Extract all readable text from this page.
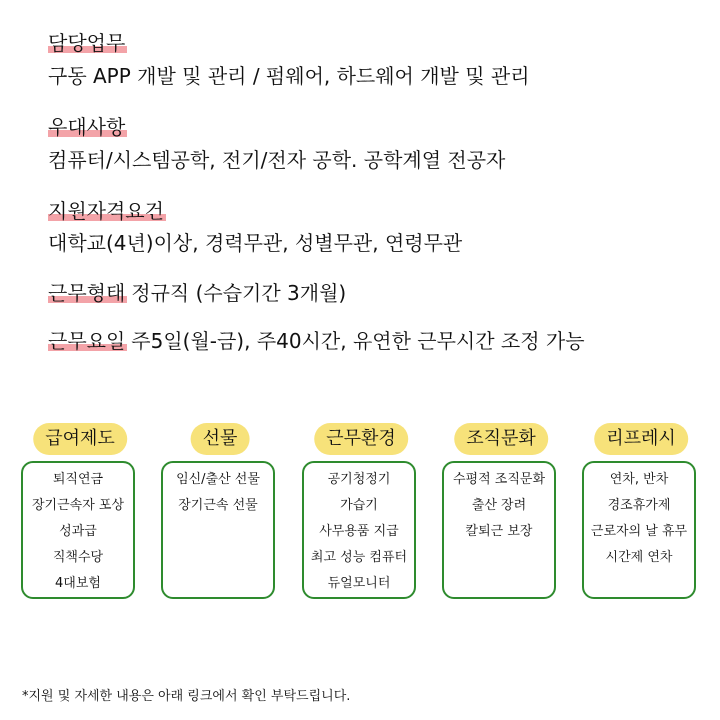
담당업무
구동 APP 개발 및 관리 / 펌웨어, 하드웨어 개발 및 관리
우대사항
컴퓨터/시스템공학, 전기/전자 공학. 공학계열 전공자
지원자격요건
대학교(4년)이상, 경력무관, 성별무관, 연령무관
근무형태 정규직 (수습기간 3개월)
근무요일 주5일(월-금), 주40시간, 유연한 근무시간 조정 가능
급여제도
퇴직연금
장기근속자 포상
성과급
직책수당
4대보험
선물
임신/출산 선물
장기근속 선물
근무환경
공기청정기
가습기
사무용품 지급
최고 성능 컴퓨터
듀얼모니터
조직문화
수평적 조직문화
출산 장려
칼퇴근 보장
리프레시
연차, 반차
경조휴가제
근로자의 날 휴무
시간제 연차
*지원 및 자세한 내용은 아래 링크에서 확인 부탁드립니다.
